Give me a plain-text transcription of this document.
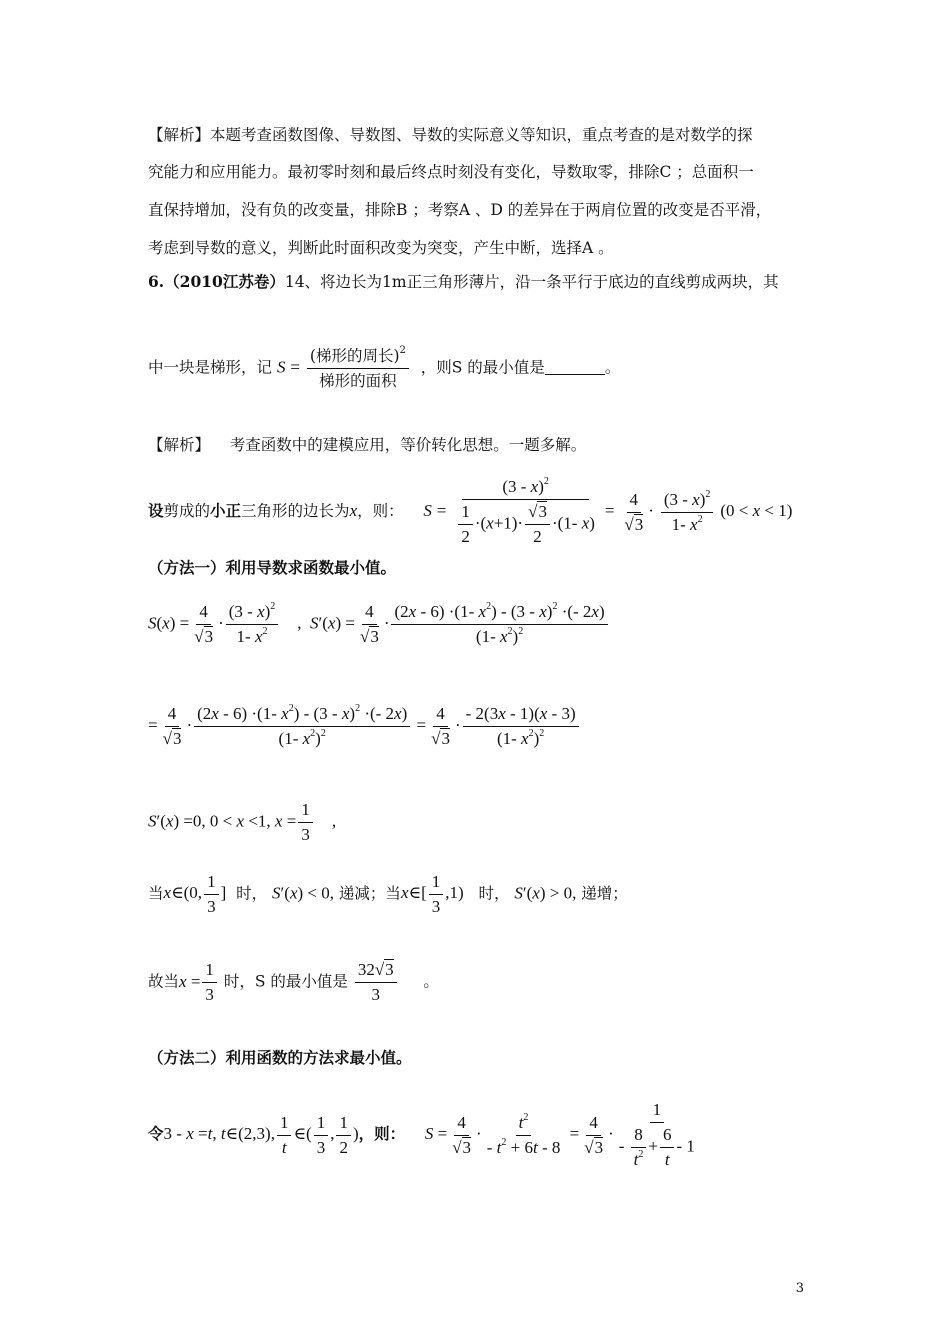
【解析】本题考查函数图像、导数图、导数的实际意义等知识，重点考查的是对数学的探
究能力和应用能力。最初零时刻和最后终点时刻没有变化，导数取零，排除C ；总面积一
直保持增加，没有负的改变量，排除B ；考察A 、D 的差异在于两肩位置的改变是否平滑，
考虑到导数的意义，判断此时面积改变为突变，产生中断，选择A 。
6.（2010江苏卷）14、将边长为1m正三角形薄片，沿一条平行于底边的直线剪成两块，其
中一块是梯形，记 $S = \frac{(梯形的周长)^2}{\text{梯形的面积}}$ ，则S 的最小值是	。
【解析】 考查函数中的建模应用，等价转化思想。一题多解。
设剪成的小正三角形的边长为x，则： $S = \frac{(3 - x)^2}{\frac{1}{2} \cdot(x+1)\cdot \frac{√3}{2} \cdot(1- x)} = \frac{4}{√3} \cdot \frac{(3 - x)^2}{1- x^2} (0 < x < 1)$
（方法一）利用导数求函数最小值。
$S(x) = \frac{4}{√3} \cdot \frac{(3 - x)^2}{1- x^2}$ ,  $S'(x) = \frac{4}{√3} \cdot \frac{(2x - 6) \cdot(1- x^2) - (3 - x)^2 \cdot(- 2x)}{(1- x^2)^2}$
= $\frac{4}{√3} \cdot \frac{(2x - 6) \cdot(1- x^2) - (3 - x)^2 \cdot(- 2x)}{(1- x^2)^2} = \frac{4}{√3} \cdot \frac{- 2(3x - 1)(x - 3)}{(1- x^2)^2}$
S′(x) =0, 0 < x <1, $x = \frac{1}{3}$ ,
当x∈(0, $\frac{1}{3}$ ] 时， S′(x) < 0, 递减；当x∈[ $\frac{1}{3} ,1$) 时， S′(x) > 0, 递增；
故当$x = \frac{1}{3}$ 时，S 的最小值是 $\frac{32√3}{3}$ 。
（方法二）利用函数的方法求最小值。
令3 - x =t, t∈(2,3), $\frac{1}{t}$ ∈( $\frac{1}{3}$ , $\frac{1}{2}$ )，则： $S = \frac{4}{√3} \cdot \frac{t^2}{- t^2 + 6t - 8} = \frac{4}{√3} \cdot \frac{1}{- \frac{8}{t^2} + \frac{6}{t} - 1}$
3
